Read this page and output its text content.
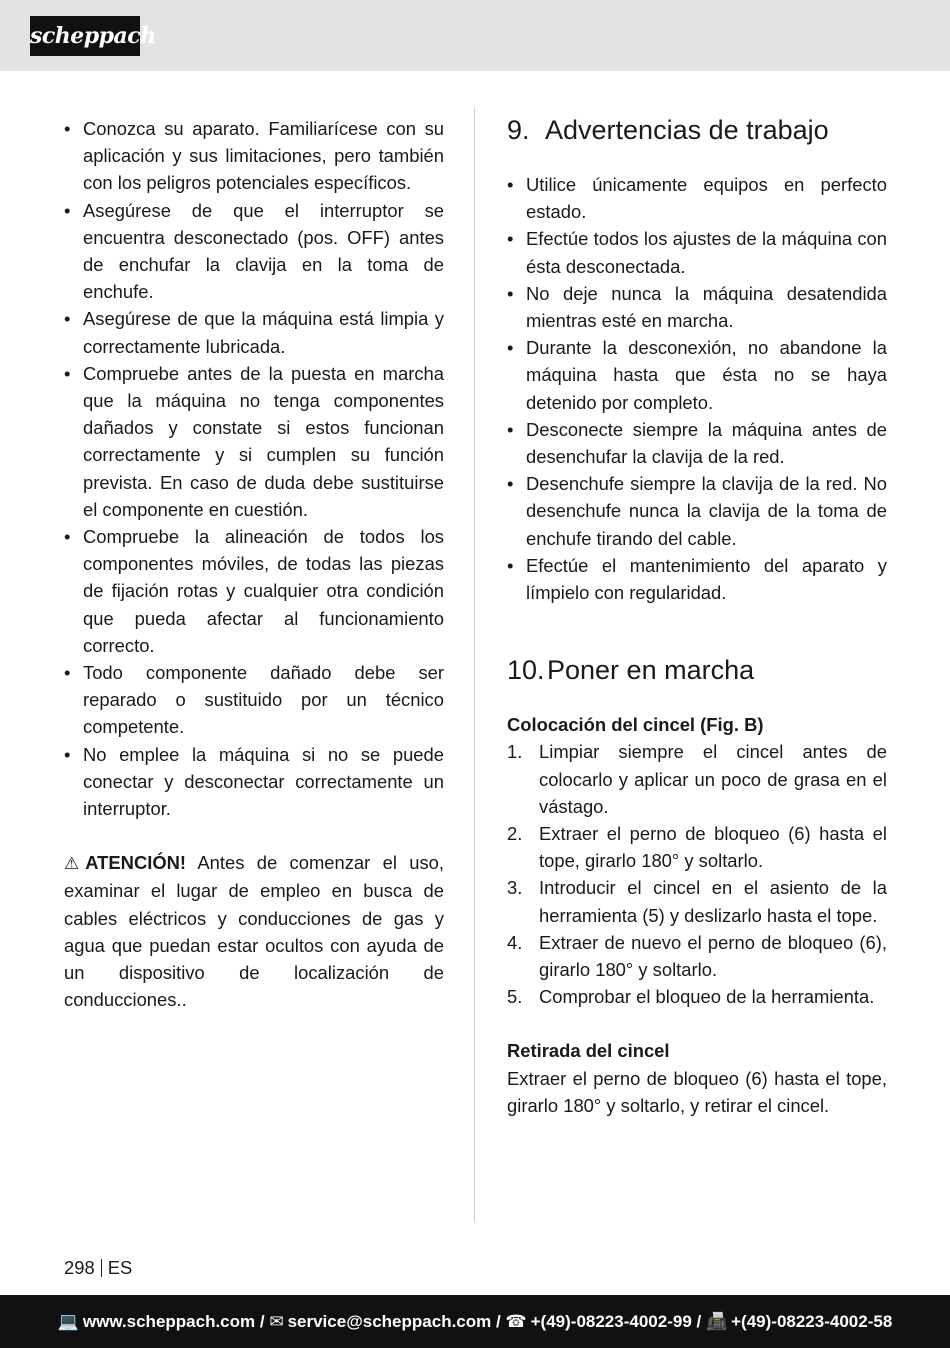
scheppach
• Conozca su aparato. Familiarícese con su aplicación y sus limitaciones, pero también con los peligros potenciales específicos.
• Asegúrese de que el interruptor se encuentra desconectado (pos. OFF) antes de enchufar la clavija en la toma de enchufe.
• Asegúrese de que la máquina está limpia y correctamente lubricada.
• Compruebe antes de la puesta en marcha que la máquina no tenga componentes dañados y constate si estos funcionan correctamente y si cumplen su función prevista. En caso de duda debe sustituirse el componente en cuestión.
• Compruebe la alineación de todos los componentes móviles, de todas las piezas de fijación rotas y cualquier otra condición que pueda afectar al funcionamiento correcto.
• Todo componente dañado debe ser reparado o sustituido por un técnico competente.
• No emplee la máquina si no se puede conectar y desconectar correctamente un interruptor.

⚠ ATENCIÓN! Antes de comenzar el uso, examinar el lugar de empleo en busca de cables eléctricos y conducciones de gas y agua que puedan estar ocultos con ayuda de un dispositivo de localización de conducciones..

9. Advertencias de trabajo
• Utilice únicamente equipos en perfecto estado.
• Efectúe todos los ajustes de la máquina con ésta desconectada.
• No deje nunca la máquina desatendida mientras esté en marcha.
• Durante la desconexión, no abandone la máquina hasta que ésta no se haya detenido por completo.
• Desconecte siempre la máquina antes de desenchufar la clavija de la red.
• Desenchufe siempre la clavija de la red. No desenchufe nunca la clavija de la toma de enchufe tirando del cable.
• Efectúe el mantenimiento del aparato y límpielo con regularidad.
10. Poner en marcha
Colocación del cincel (Fig. B)
1. Limpiar siempre el cincel antes de colocarlo y aplicar un poco de grasa en el vástago.
2. Extraer el perno de bloqueo (6) hasta el tope, girarlo 180° y soltarlo.
3. Introducir el cincel en el asiento de la herramienta (5) y deslizarlo hasta el tope.
4. Extraer de nuevo el perno de bloqueo (6), girarlo 180° y soltarlo.
5. Comprobar el bloqueo de la herramienta.
Retirada del cincel

Extraer el perno de bloqueo (6) hasta el tope, girarlo 180° y soltarlo, y retirar el cincel.

298 ES
💻 www.scheppach.com / ✉ service@scheppach.com / ☎ +(49)-08223-4002-99 / 📠 +(49)-08223-4002-58
